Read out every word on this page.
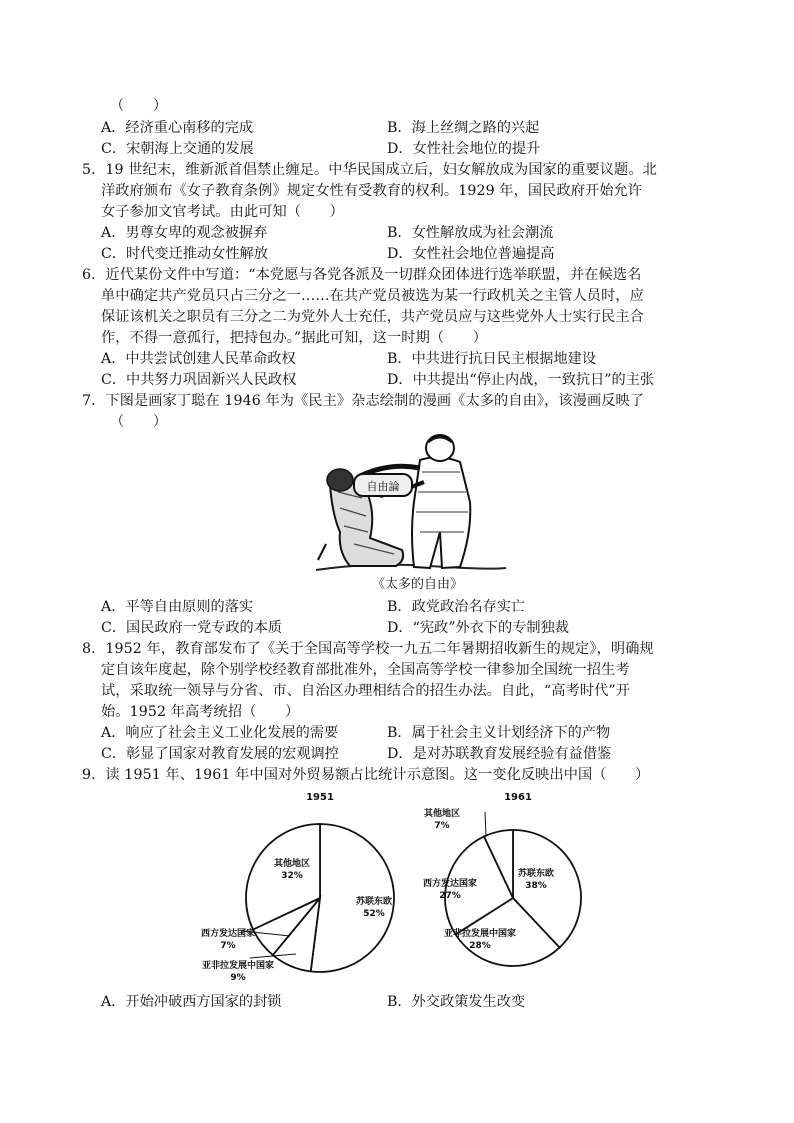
（　　）
A．经济重心南移的完成	B．海上丝绸之路的兴起
C．宋朝海上交通的发展	D．女性社会地位的提升
5．19 世纪末，维新派首倡禁止缠足。中华民国成立后，妇女解放成为国家的重要议题。北
洋政府颁布《女子教育条例》规定女性有受教育的权利。1929 年，国民政府开始允许
女子参加文官考试。由此可知（　　）
A．男尊女卑的观念被摒弃	B．女性解放成为社会潮流
C．时代变迁推动女性解放	D．女性社会地位普遍提高
6．近代某份文件中写道：“本党愿与各党各派及一切群众团体进行选举联盟，并在候选名
单中确定共产党员只占三分之一……在共产党员被选为某一行政机关之主管人员时，应
保证该机关之职员有三分之二为党外人士充任，共产党员应与这些党外人士实行民主合
作，不得一意孤行，把持包办。”据此可知，这一时期（　　）
A．中共尝试创建人民革命政权	B．中共进行抗日民主根据地建设
C．中共努力巩固新兴人民政权	D．中共提出“停止内战，一致抗日”的主张
7．下图是画家丁聪在 1946 年为《民主》杂志绘制的漫画《太多的自由》，该漫画反映了
（　　）
自由論
《太多的自由》
A．平等自由原则的落实	B．政党政治名存实亡
C．国民政府一党专政的本质	D．“宪政”外衣下的专制独裁
8．1952 年，教育部发布了《关于全国高等学校一九五二年暑期招收新生的规定》，明确规
定自该年度起，除个别学校经教育部批准外，全国高等学校一律参加全国统一招生考
试，采取统一领导与分省、市、自治区办理相结合的招生办法。自此，“高考时代”开
始。1952 年高考统招（　　）
A．响应了社会主义工业化发展的需要	B．属于社会主义计划经济下的产物
C．彰显了国家对教育发展的宏观调控	D．是对苏联教育发展经验有益借鉴
9．读 1951 年、1961 年中国对外贸易额占比统计示意图。这一变化反映出中国（　　）
1951
苏联东欧
52%
亚非拉发展中国家
9%
西方发达国家
7%
其他地区
32%
1961
苏联东欧
38%
亚非拉发展中国家
28%
西方发达国家
27%
其他地区
7%
A．开始冲破西方国家的封锁	B．外交政策发生改变
